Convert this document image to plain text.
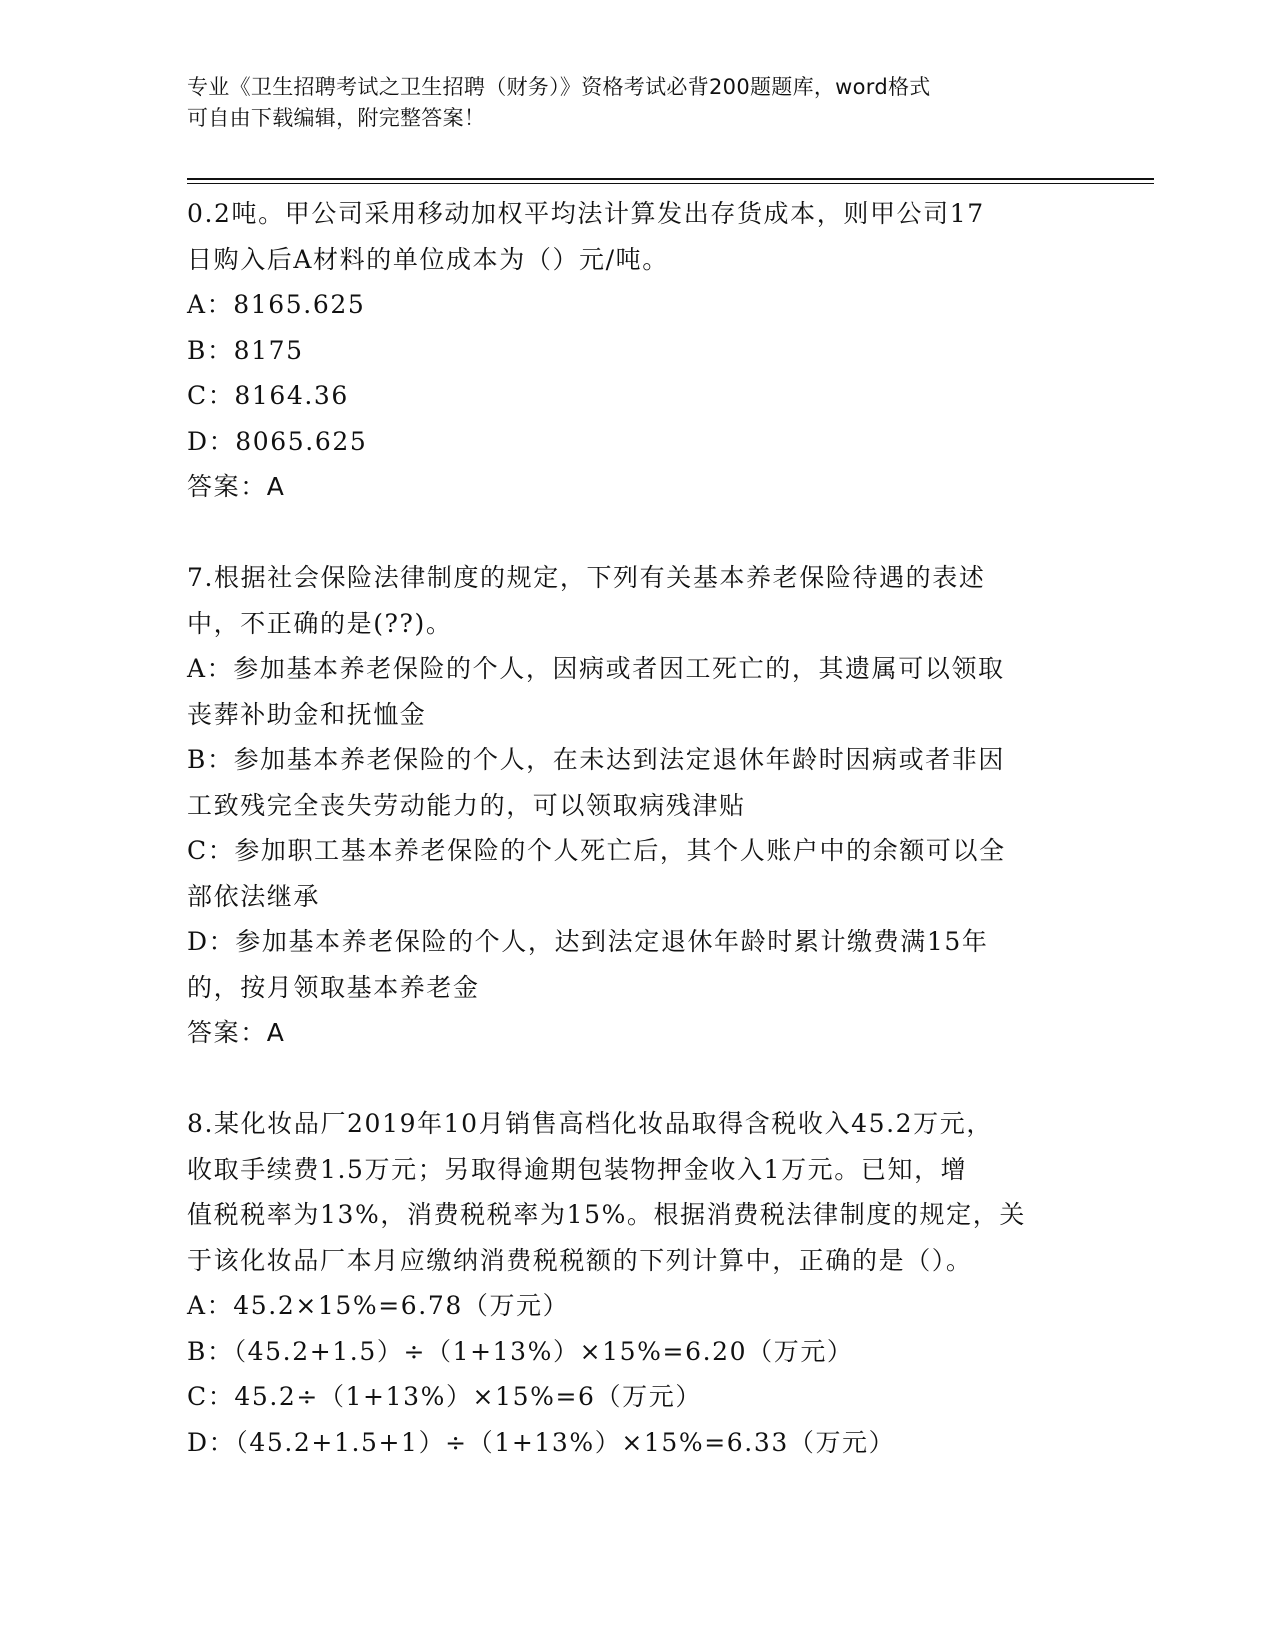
专业《卫生招聘考试之卫生招聘（财务）》资格考试必背200题题库，word格式
可自由下载编辑，附完整答案！
0.2吨。甲公司采用移动加权平均法计算发出存货成本，则甲公司17
日购入后A材料的单位成本为（）元/吨。
A：8165.625
B：8175
C：8164.36
D：8065.625
答案：A
7.根据社会保险法律制度的规定，下列有关基本养老保险待遇的表述
中，不正确的是(??)。
A：参加基本养老保险的个人，因病或者因工死亡的，其遗属可以领取
丧葬补助金和抚恤金
B：参加基本养老保险的个人，在未达到法定退休年龄时因病或者非因
工致残完全丧失劳动能力的，可以领取病残津贴
C：参加职工基本养老保险的个人死亡后，其个人账户中的余额可以全
部依法继承
D：参加基本养老保险的个人，达到法定退休年龄时累计缴费满15年
的，按月领取基本养老金
答案：A
8.某化妆品厂2019年10月销售高档化妆品取得含税收入45.2万元，
收取手续费1.5万元；另取得逾期包装物押金收入1万元。已知，增
值税税率为13%，消费税税率为15%。根据消费税法律制度的规定，关
于该化妆品厂本月应缴纳消费税税额的下列计算中，正确的是（）。
A：45.2×15%=6.78（万元）
B：（45.2+1.5）÷（1+13%）×15%=6.20（万元）
C：45.2÷（1+13%）×15%=6（万元）
D：（45.2+1.5+1）÷（1+13%）×15%=6.33（万元）
